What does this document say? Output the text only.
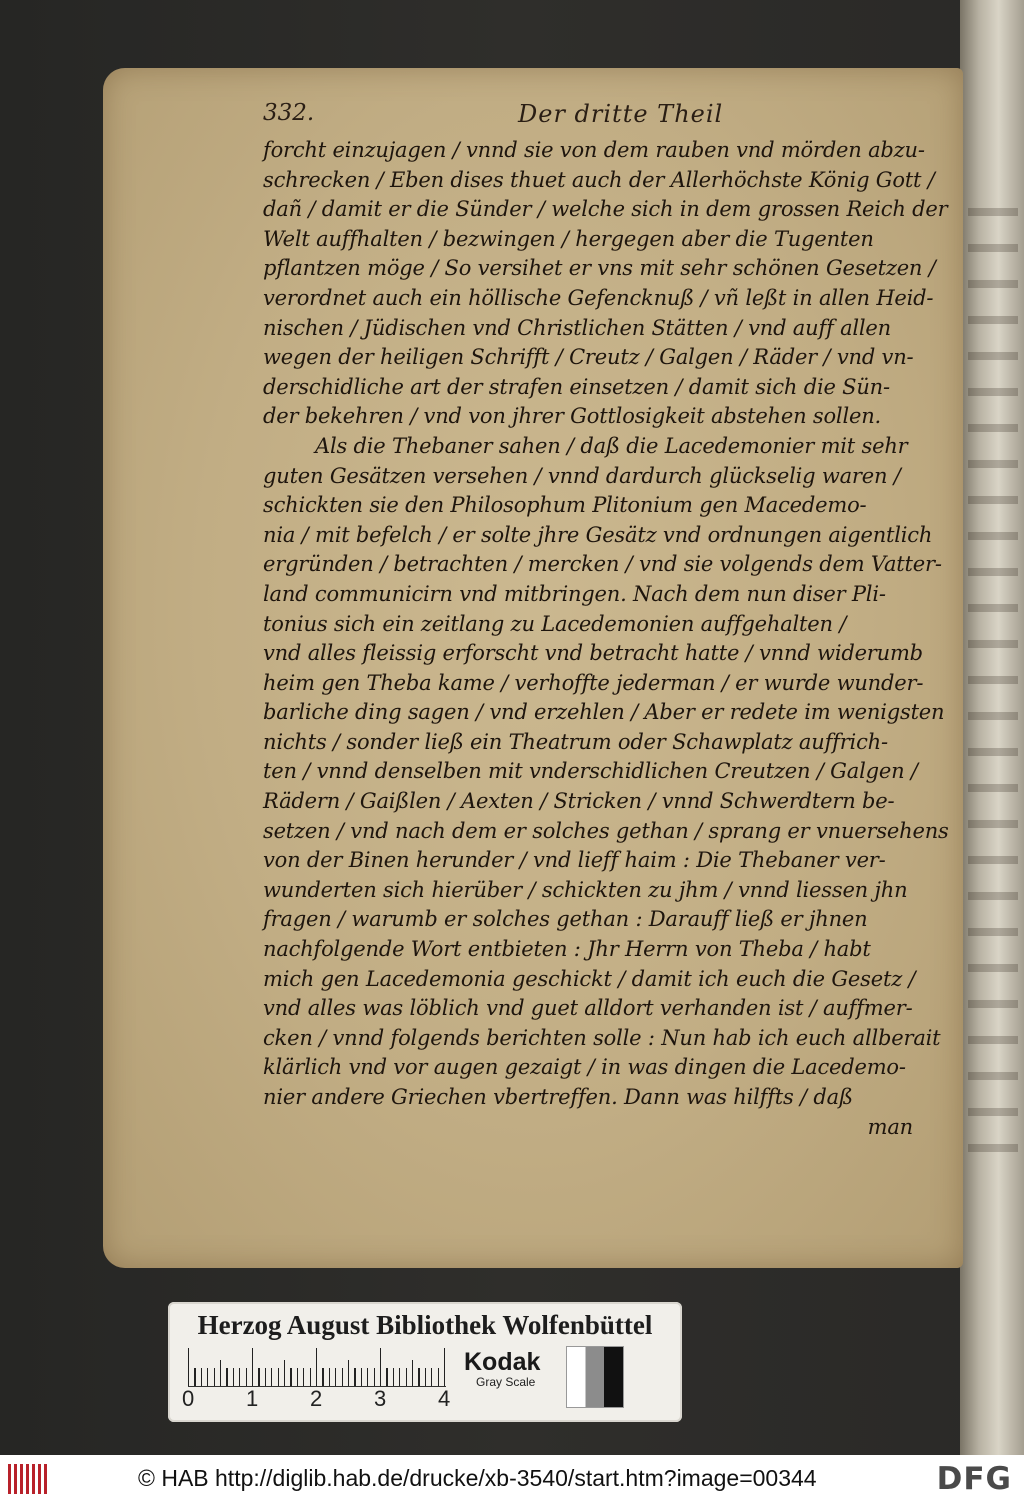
332.	Der dritte Theil
forcht einzujagen / vnnd sie von dem rauben vnd mörden abzu-
schrecken / Eben dises thuet auch der Allerhöchste König Gott /
dañ / damit er die Sünder / welche sich in dem grossen Reich der
Welt auffhalten / bezwingen / hergegen aber die Tugenten
pflantzen möge / So versihet er vns mit sehr schönen Gesetzen /
verordnet auch ein höllische Gefencknuß / vñ leßt in allen Heid-
nischen / Jüdischen vnd Christlichen Stätten / vnd auff allen
wegen der heiligen Schrifft / Creutz / Galgen / Räder / vnd vn-
derschidliche art der strafen einsetzen / damit sich die Sün-
der bekehren / vnd von jhrer Gottlosigkeit abstehen sollen.
Als die Thebaner sahen / daß die Lacedemonier mit sehr
guten Gesätzen versehen / vnnd dardurch glückselig waren /
schickten sie den Philosophum Plitonium gen Macedemo-
nia / mit befelch / er solte jhre Gesätz vnd ordnungen aigentlich
ergründen / betrachten / mercken / vnd sie volgends dem Vatter-
land communicirn vnd mitbringen. Nach dem nun diser Pli-
tonius sich ein zeitlang zu Lacedemonien auffgehalten /
vnd alles fleissig erforscht vnd betracht hatte / vnnd widerumb
heim gen Theba kame / verhoffte jederman / er wurde wunder-
barliche ding sagen / vnd erzehlen / Aber er redete im wenigsten
nichts / sonder ließ ein Theatrum oder Schawplatz auffrich-
ten / vnnd denselben mit vnderschidlichen Creutzen / Galgen /
Rädern / Gaißlen / Aexten / Stricken / vnnd Schwerdtern be-
setzen / vnd nach dem er solches gethan / sprang er vnuersehens
von der Binen herunder / vnd lieff haim : Die Thebaner ver-
wunderten sich hierüber / schickten zu jhm / vnnd liessen jhn
fragen / warumb er solches gethan : Darauff ließ er jhnen
nachfolgende Wort entbieten : Jhr Herrn von Theba / habt
mich gen Lacedemonia geschickt / damit ich euch die Gesetz /
vnd alles was löblich vnd guet alldort verhanden ist / auffmer-
cken / vnnd folgends berichten solle : Nun hab ich euch allberait
klärlich vnd vor augen gezaigt / in was dingen die Lacedemo-
nier andere Griechen vbertreffen. Dann was hilffts / daß
man
Herzog August Bibliothek Wolfenbüttel
0 1 2 3 4
Kodak
Gray Scale
© HAB http://diglib.hab.de/drucke/xb-3540/start.htm?image=00344	DFG
